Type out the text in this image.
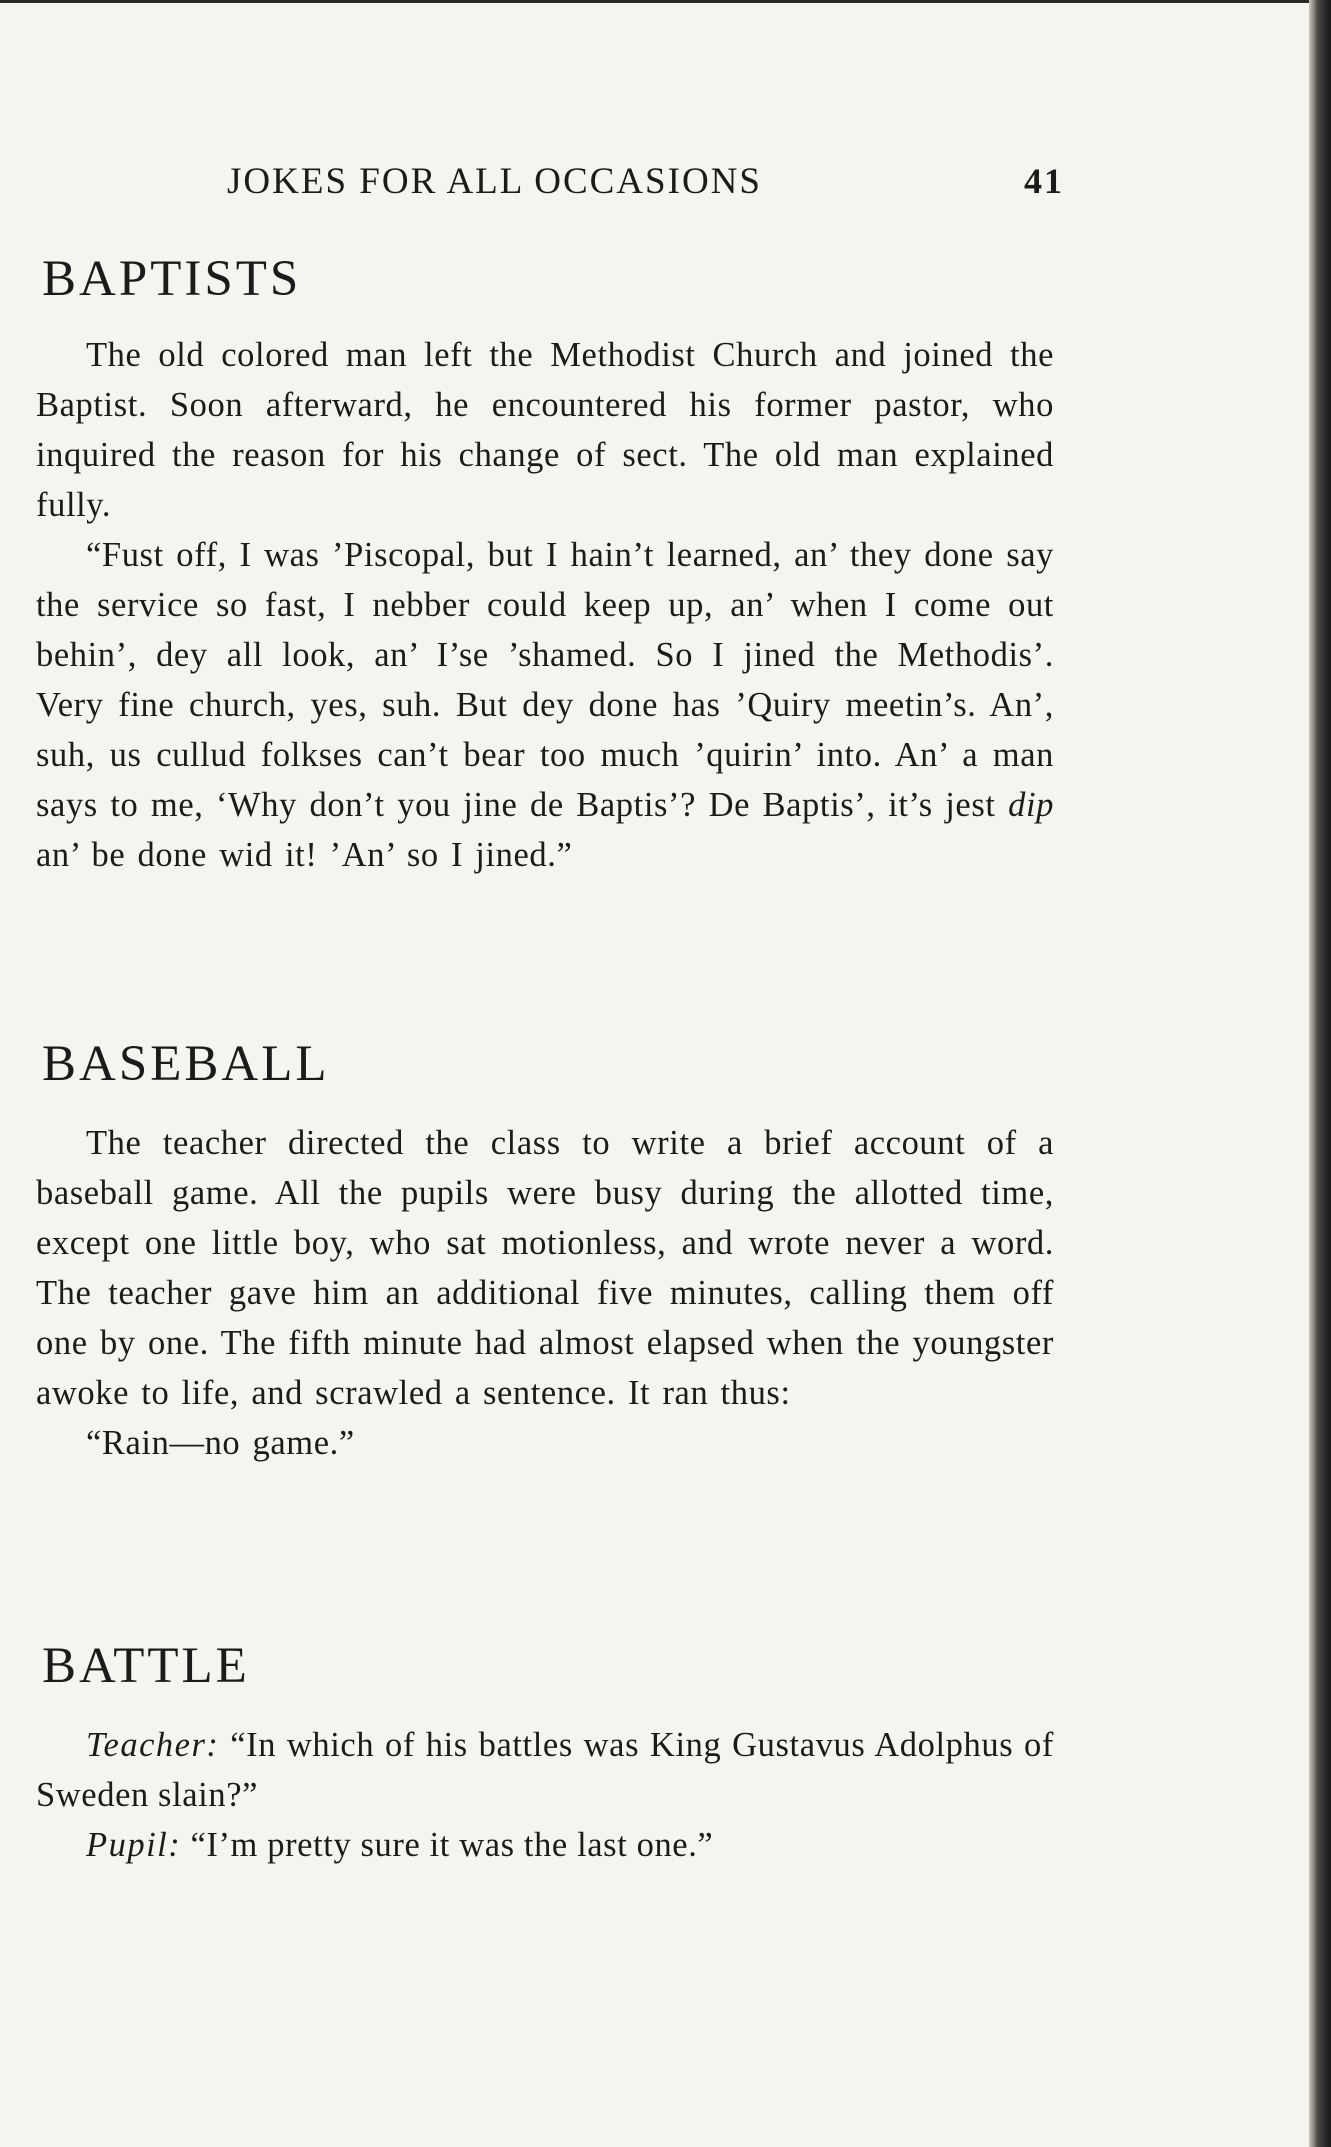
JOKES FOR ALL OCCASIONS	41
BAPTISTS

The old colored man left the Methodist Church and joined the Baptist. Soon afterward, he encountered his former pastor, who inquired the reason for his change of sect. The old man explained fully.

“Fust off, I was ’Piscopal, but I hain’t learned, an’ they done say the service so fast, I nebber could keep up, an’ when I come out behin’, dey all look, an’ I’se ’shamed. So I jined the Methodis’. Very fine church, yes, suh. But dey done has ’Quiry meetin’s. An’, suh, us cullud folkses can’t bear too much ’quirin’ into. An’ a man says to me, ‘Why don’t you jine de Baptis’? De Baptis’, it’s jest dip an’ be done wid it! ’An’ so I jined.”

BASEBALL

The teacher directed the class to write a brief account of a baseball game. All the pupils were busy during the allotted time, except one little boy, who sat motionless, and wrote never a word. The teacher gave him an additional five minutes, calling them off one by one. The fifth minute had almost elapsed when the youngster awoke to life, and scrawled a sentence. It ran thus:

“Rain—no game.”

BATTLE

Teacher: “In which of his battles was King Gustavus Adolphus of Sweden slain?”

Pupil: “I’m pretty sure it was the last one.”
